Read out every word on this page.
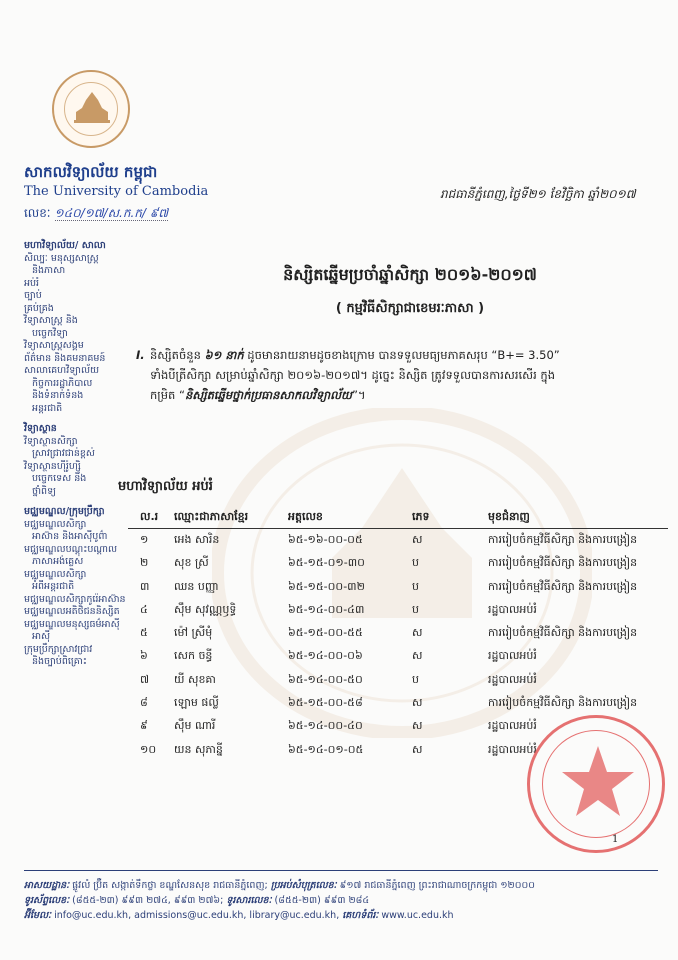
សាកលវិទ្យាល័យ កម្ពុជា
The University of Cambodia
លេខៈ ១៤០/១៧/ស.ក.ក/ ៩៧
រាជធានីភ្នំពេញ,ថ្ងៃទី២១ ខែវិច្ឆិកា ឆ្នាំ២០១៧
មហាវិទ្យាល័យ/ សាលា
សិល្បៈ មនុស្សសាស្ត្រ
និងភាសា
អប់រំ
ច្បាប់
គ្រប់គ្រង
វិទ្យាសាស្ត្រ និង
បច្ចេកវិទ្យា
វិទ្យាសាស្ត្រសង្គម
ព័ត៌មាន និងគមនាគមន៍
សាលាគេហវិទ្យាល័យ
កិច្ចការរដ្ឋាភិបាល
និងទំនាក់ទំនង
អន្តរជាតិ
វិទ្យាស្ថាន
វិទ្យាស្ថានសិក្សា
ស្រាវជ្រាវជាន់ខ្ពស់
វិទ្យាស្ថានហ៊ីរ៉ូហ្ស៊ិ
បច្ចេកទេស និង
ថ្នាំពិទ្យ
មជ្ឈមណ្ឌល/ក្រុមប្រឹក្សា
មជ្ឈមណ្ឌលសិក្សា
អាស៊ាន និងអាស៊ីបូព៌ា
មជ្ឈមណ្ឌលបណ្តុះបណ្តាល
ភាសាអង់គ្លេស
មជ្ឈមណ្ឌលសិក្សា
អំពីអន្តរជាតិ
មជ្ឈមណ្ឌលសិក្សាកូរ៉េអាស៊ាន
មជ្ឈមណ្ឌលអតិថិជននិស្សិត
មជ្ឈមណ្ឌលមនុស្សធម៌អាស៊ី
អាស៊ី
ក្រុមប្រឹក្សាស្រាវជ្រាវ
និងច្បាប់ពិគ្រោះ
និស្សិតឆ្នើមប្រចាំឆ្នាំសិក្សា ២០១៦-២០១៧
( កម្មវិធីសិក្សាជាខេមរៈភាសា )
I. និស្សិតចំនួន ៦១ នាក់ ដូចមានរាយនាមដូចខាងក្រោម បានទទួលមធ្យមភាគសរុប “B+= 3.50”
ទាំងបីត្រីសិក្សា សម្រាប់ឆ្នាំសិក្សា ២០១៦-២០១៧។ ដូច្នេះ និស្សិត ត្រូវទទួលបានការសរសើរ ក្នុង
កម្រិត “និស្សិតឆ្នើមថ្នាក់ប្រធានសាកលវិទ្យាល័យ”។
មហាវិទ្យាល័យ អប់រំ
ល.រ ឈ្មោះជាភាសាខ្មែរ	អត្តលេខ	ភេទ	មុខជំនាញ
១ អេង សារិន	៦៥-១៦-០០-០៥	ស	ការរៀបចំកម្មវិធីសិក្សា និងការបង្រៀន
២ សុខ ស្រី	៦៥-១៥-០១-៣០	ប	ការរៀបចំកម្មវិធីសិក្សា និងការបង្រៀន
៣ ឈន បញ្ញា	៦៥-១៥-០០-៣២	ប	ការរៀបចំកម្មវិធីសិក្សា និងការបង្រៀន
៤ ស៊ឹម សុវណ្ណឫទ្ធិ	៦៥-១៤-០០-៤៣	ប	រដ្ឋបាលអប់រំ
៥ ម៉ៅ ស្រីមុំ	៦៥-១៥-០០-៥៥	ស	ការរៀបចំកម្មវិធីសិក្សា និងការបង្រៀន
៦ សេក ចន្ធី	៦៥-១៤-០០-០៦	ស	រដ្ឋបាលអប់រំ
៧ យី សុខគា	៦៥-១៤-០០-៥០	ប	រដ្ឋបាលអប់រំ
៨ ឡោម ផល្លី	៦៥-១៥-០០-៥៨	ស	ការរៀបចំកម្មវិធីសិក្សា និងការបង្រៀន
៩ ស៊ឹម ណារី	៦៥-១៤-០០-៤០	ស	រដ្ឋបាលអប់រំ
១០ យន សុភាន្នី	៦៥-១៤-០១-០៥	ស	រដ្ឋបាលអប់រំ
1
អាសយដ្ឋានៈ ផ្លូវលំ ប្រ៊ឺត សង្កាត់ទឹកថ្លា ខណ្ឌសែនសុខ រាជធានីភ្នំពេញ; ប្រអប់សំបុត្រលេខៈ ៩១៧ រាជធានីភ្នំពេញ ព្រះរាជាណាចក្រកម្ពុជា ១២០០០
ទូរស័ព្ទលេខៈ (៨៥៥-២៣) ៩៩៣ ២៧៤, ៩៩៣ ២៧៦; ទូរសារលេខៈ (៨៥៥-២៣) ៩៩៣ ២៨៤
អ៊ីមែលៈ info@uc.edu.kh, admissions@uc.edu.kh, library@uc.edu.kh, គេហទំព័រៈ www.uc.edu.kh
